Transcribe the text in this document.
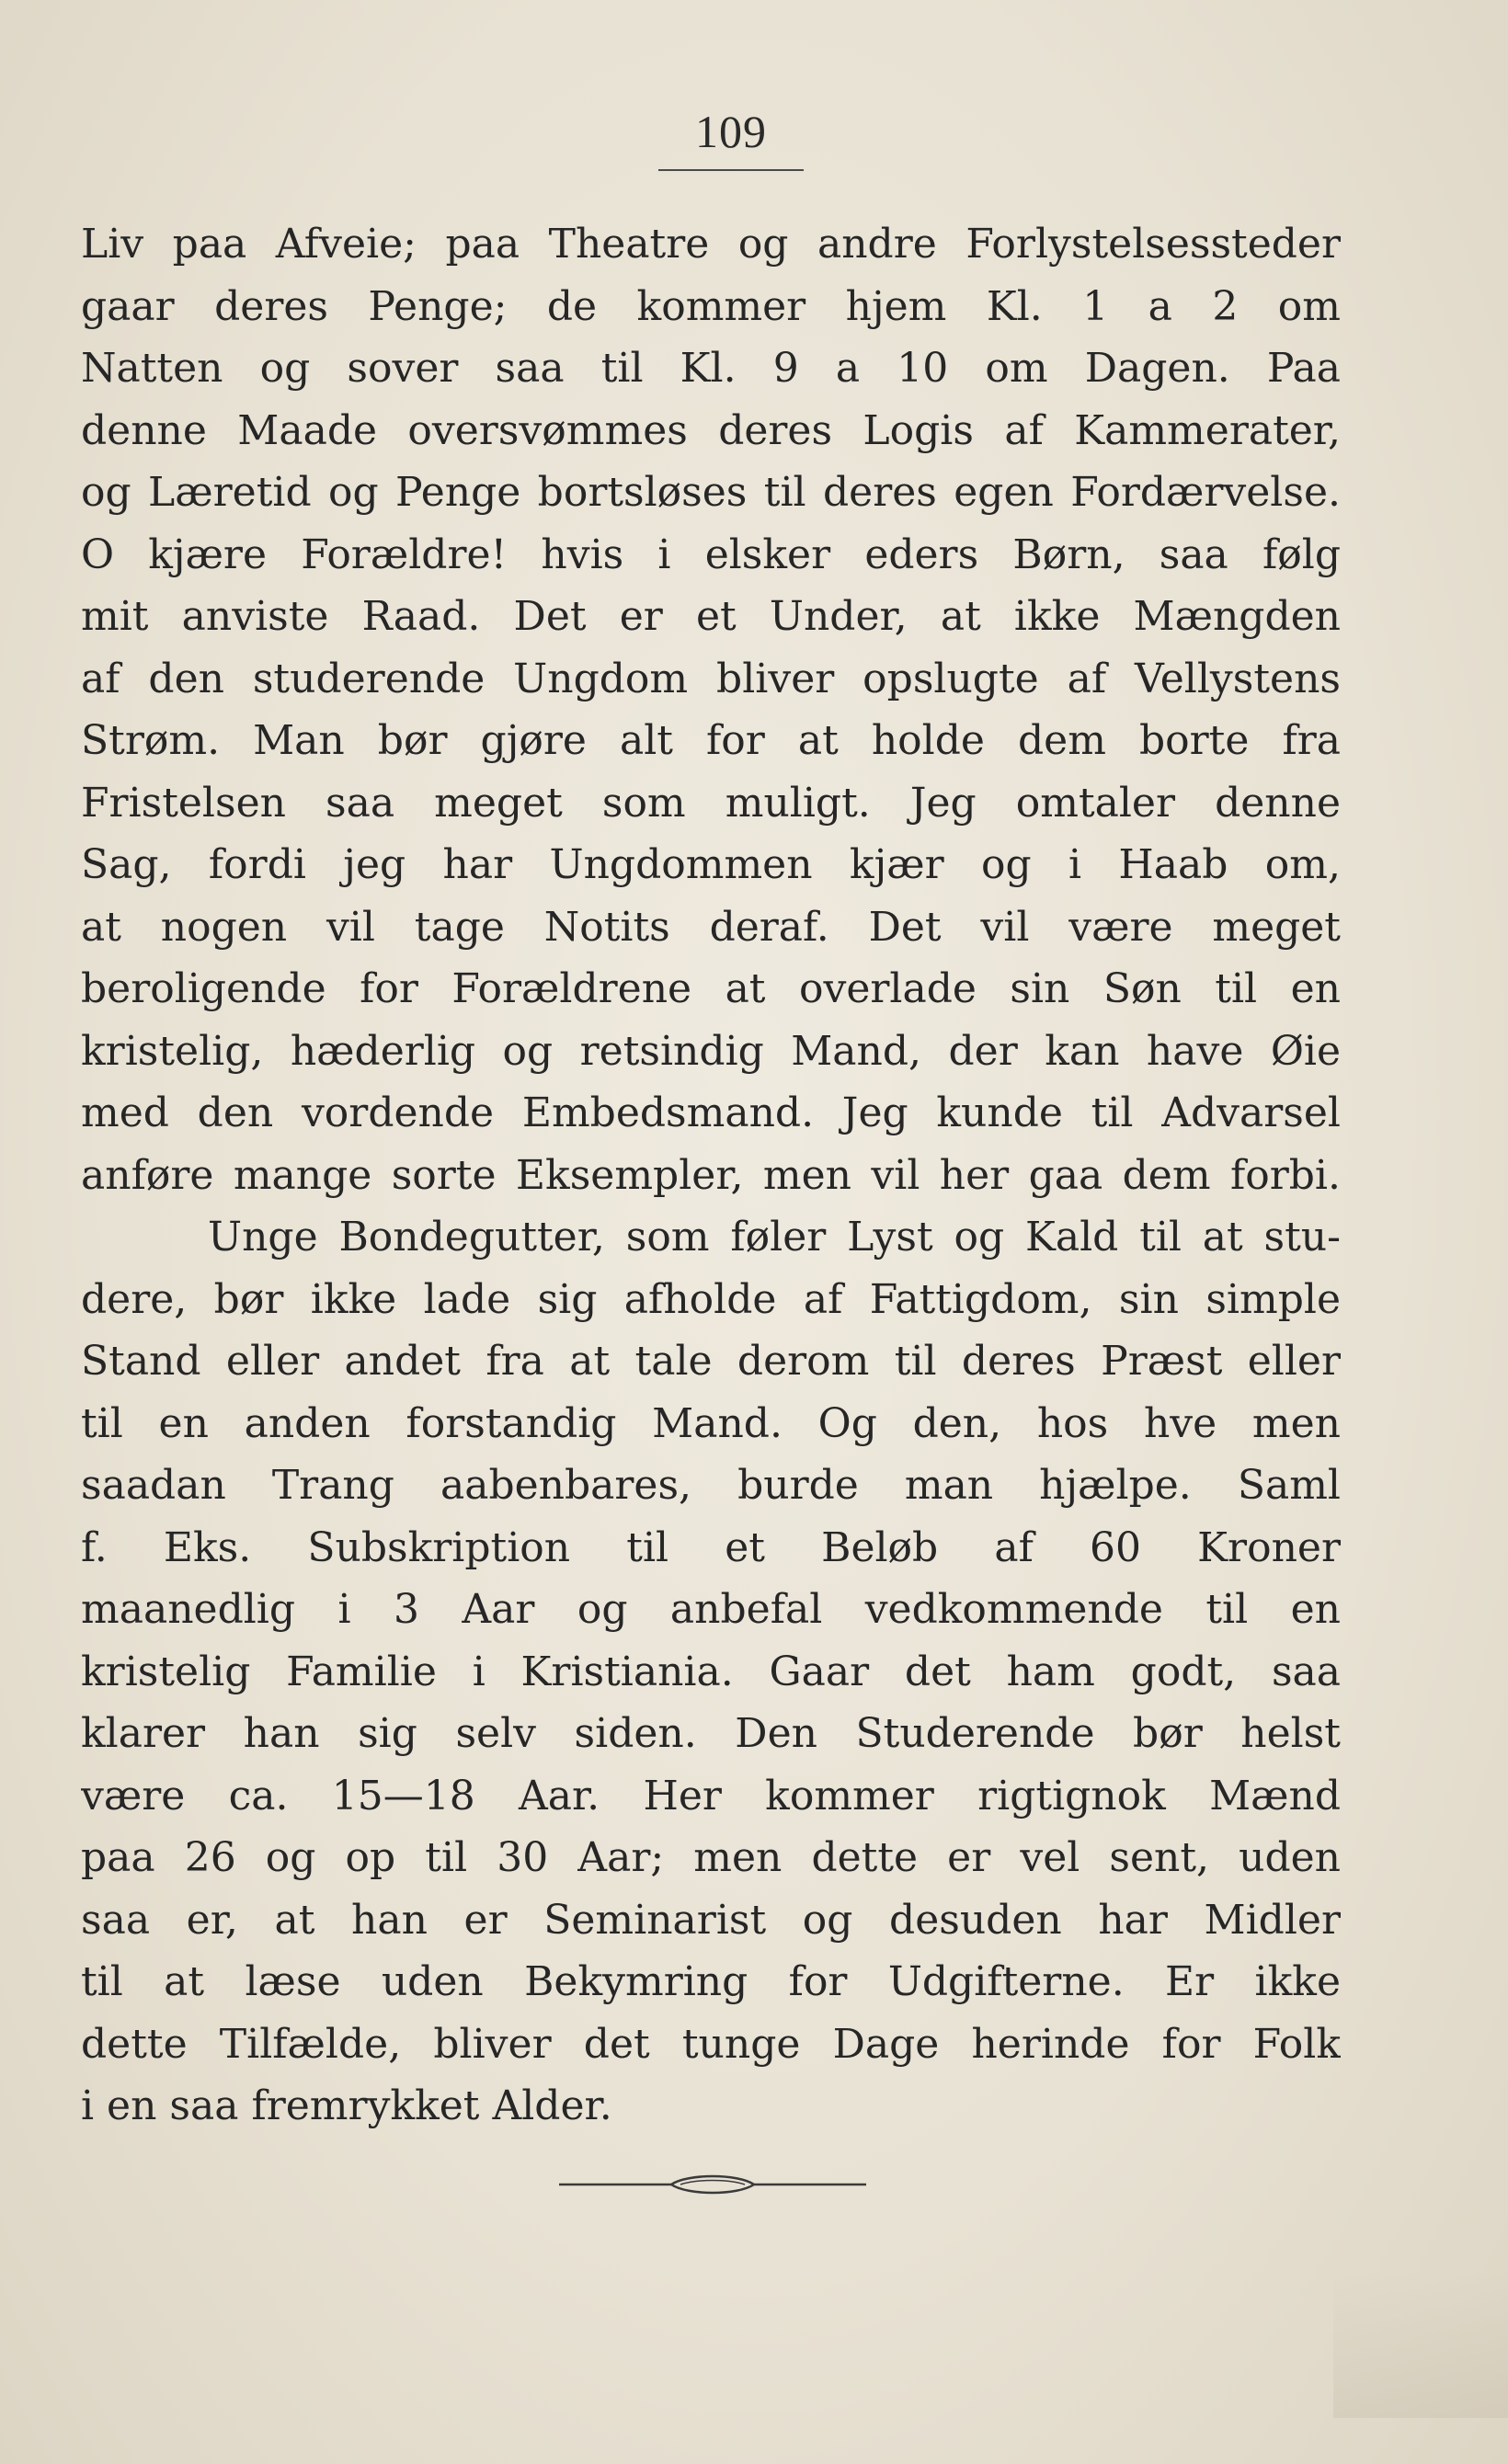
109
Liv paa Afveie; paa Theatre og andre Forlystelsessteder
gaar deres Penge; de kommer hjem Kl. 1 a 2 om
Natten og sover saa til Kl. 9 a 10 om Dagen. Paa
denne Maade oversvømmes deres Logis af Kammerater,
og Læretid og Penge bortsløses til deres egen Fordærvelse.
O kjære Forældre! hvis i elsker eders Børn, saa følg
mit anviste Raad. Det er et Under, at ikke Mængden
af den studerende Ungdom bliver opslugte af Vellystens
Strøm. Man bør gjøre alt for at holde dem borte fra
Fristelsen saa meget som muligt. Jeg omtaler denne
Sag, fordi jeg har Ungdommen kjær og i Haab om,
at nogen vil tage Notits deraf. Det vil være meget
beroligende for Forældrene at overlade sin Søn til en
kristelig, hæderlig og retsindig Mand, der kan have Øie
med den vordende Embedsmand. Jeg kunde til Advarsel
anføre mange sorte Eksempler, men vil her gaa dem forbi.
Unge Bondegutter, som føler Lyst og Kald til at stu-
dere, bør ikke lade sig afholde af Fattigdom, sin simple
Stand eller andet fra at tale derom til deres Præst eller
til en anden forstandig Mand. Og den, hos hve men
saadan Trang aabenbares, burde man hjælpe. Saml
f. Eks. Subskription til et Beløb af 60 Kroner
maanedlig i 3 Aar og anbefal vedkommende til en
kristelig Familie i Kristiania. Gaar det ham godt, saa
klarer han sig selv siden. Den Studerende bør helst
være ca. 15—18 Aar. Her kommer rigtignok Mænd
paa 26 og op til 30 Aar; men dette er vel sent, uden
saa er, at han er Seminarist og desuden har Midler
til at læse uden Bekymring for Udgifterne. Er ikke
dette Tilfælde, bliver det tunge Dage herinde for Folk
i en saa fremrykket Alder.
